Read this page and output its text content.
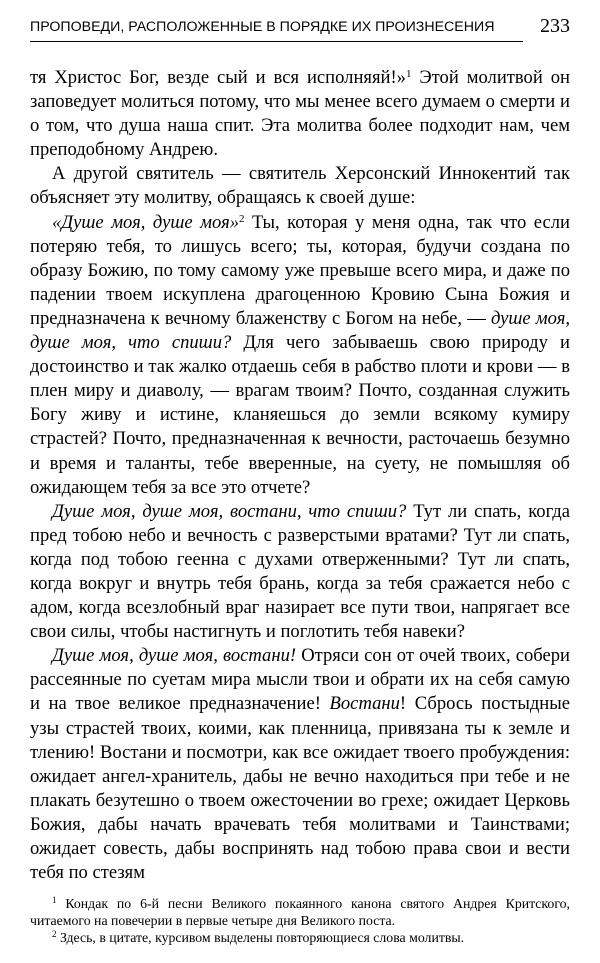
ПРОПОВЕДИ, РАСПОЛОЖЕННЫЕ В ПОРЯДКЕ ИХ ПРОИЗНЕСЕНИЯ 233

тя Христос Бог, везде сый и вся исполняяй!»$^1$ Этой молитвой он заповедует молиться потому, что мы менее всего думаем о смерти и о том, что душа наша спит. Эта молитва более подходит нам, чем преподобному Андрею.

А другой святитель — святитель Херсонский Иннокентий так объясняет эту молитву, обращаясь к своей душе:

«Душе моя, душе моя»$^2$ Ты, которая у меня одна, так что если потеряю тебя, то лишусь всего; ты, которая, будучи создана по образу Божию, по тому самому уже превыше всего мира, и даже по падении твоем искуплена драгоценною Кровию Сына Божия и предназначена к вечному блаженству с Богом на небе, — душе моя, душе моя, что спиши? Для чего забываешь свою природу и достоинство и так жалко отдаешь себя в рабство плоти и крови — в плен миру и диаволу, — врагам твоим? Почто, созданная служить Богу живу и истине, кланяешься до земли всякому кумиру страстей? Почто, предназначенная к вечности, расточаешь безумно и время и таланты, тебе вверенные, на суету, не помышляя об ожидающем тебя за все это отчете?

Душе моя, душе моя, востани, что спиши? Тут ли спать, когда пред тобою небо и вечность с разверстыми вратами? Тут ли спать, когда под тобою геенна с духами отверженными? Тут ли спать, когда вокруг и внутрь тебя брань, когда за тебя сражается небо с адом, когда всезлобный враг назирает все пути твои, напрягает все свои силы, чтобы настигнуть и поглотить тебя навеки?

Душе моя, душе моя, востани! Отряси сон от очей твоих, собери рассеянные по суетам мира мысли твои и обрати их на себя самую и на твое великое предназначение! Востани! Сбрось постыдные узы страстей твоих, коими, как пленница, привязана ты к земле и тлению! Востани и посмотри, как все ожидает твоего пробуждения: ожидает ангел-хранитель, дабы не вечно находиться при тебе и не плакать безутешно о твоем ожесточении во грехе; ожидает Церковь Божия, дабы начать врачевать тебя молитвами и Таинствами; ожидает совесть, дабы воспринять над тобою права свои и вести тебя по стезям

$^1$ Кондак по 6-й песни Великого покаянного канона святого Андрея Критского, читаемого на повечерии в первые четыре дня Великого поста.

$^2$ Здесь, в цитате, курсивом выделены повторяющиеся слова молитвы.
